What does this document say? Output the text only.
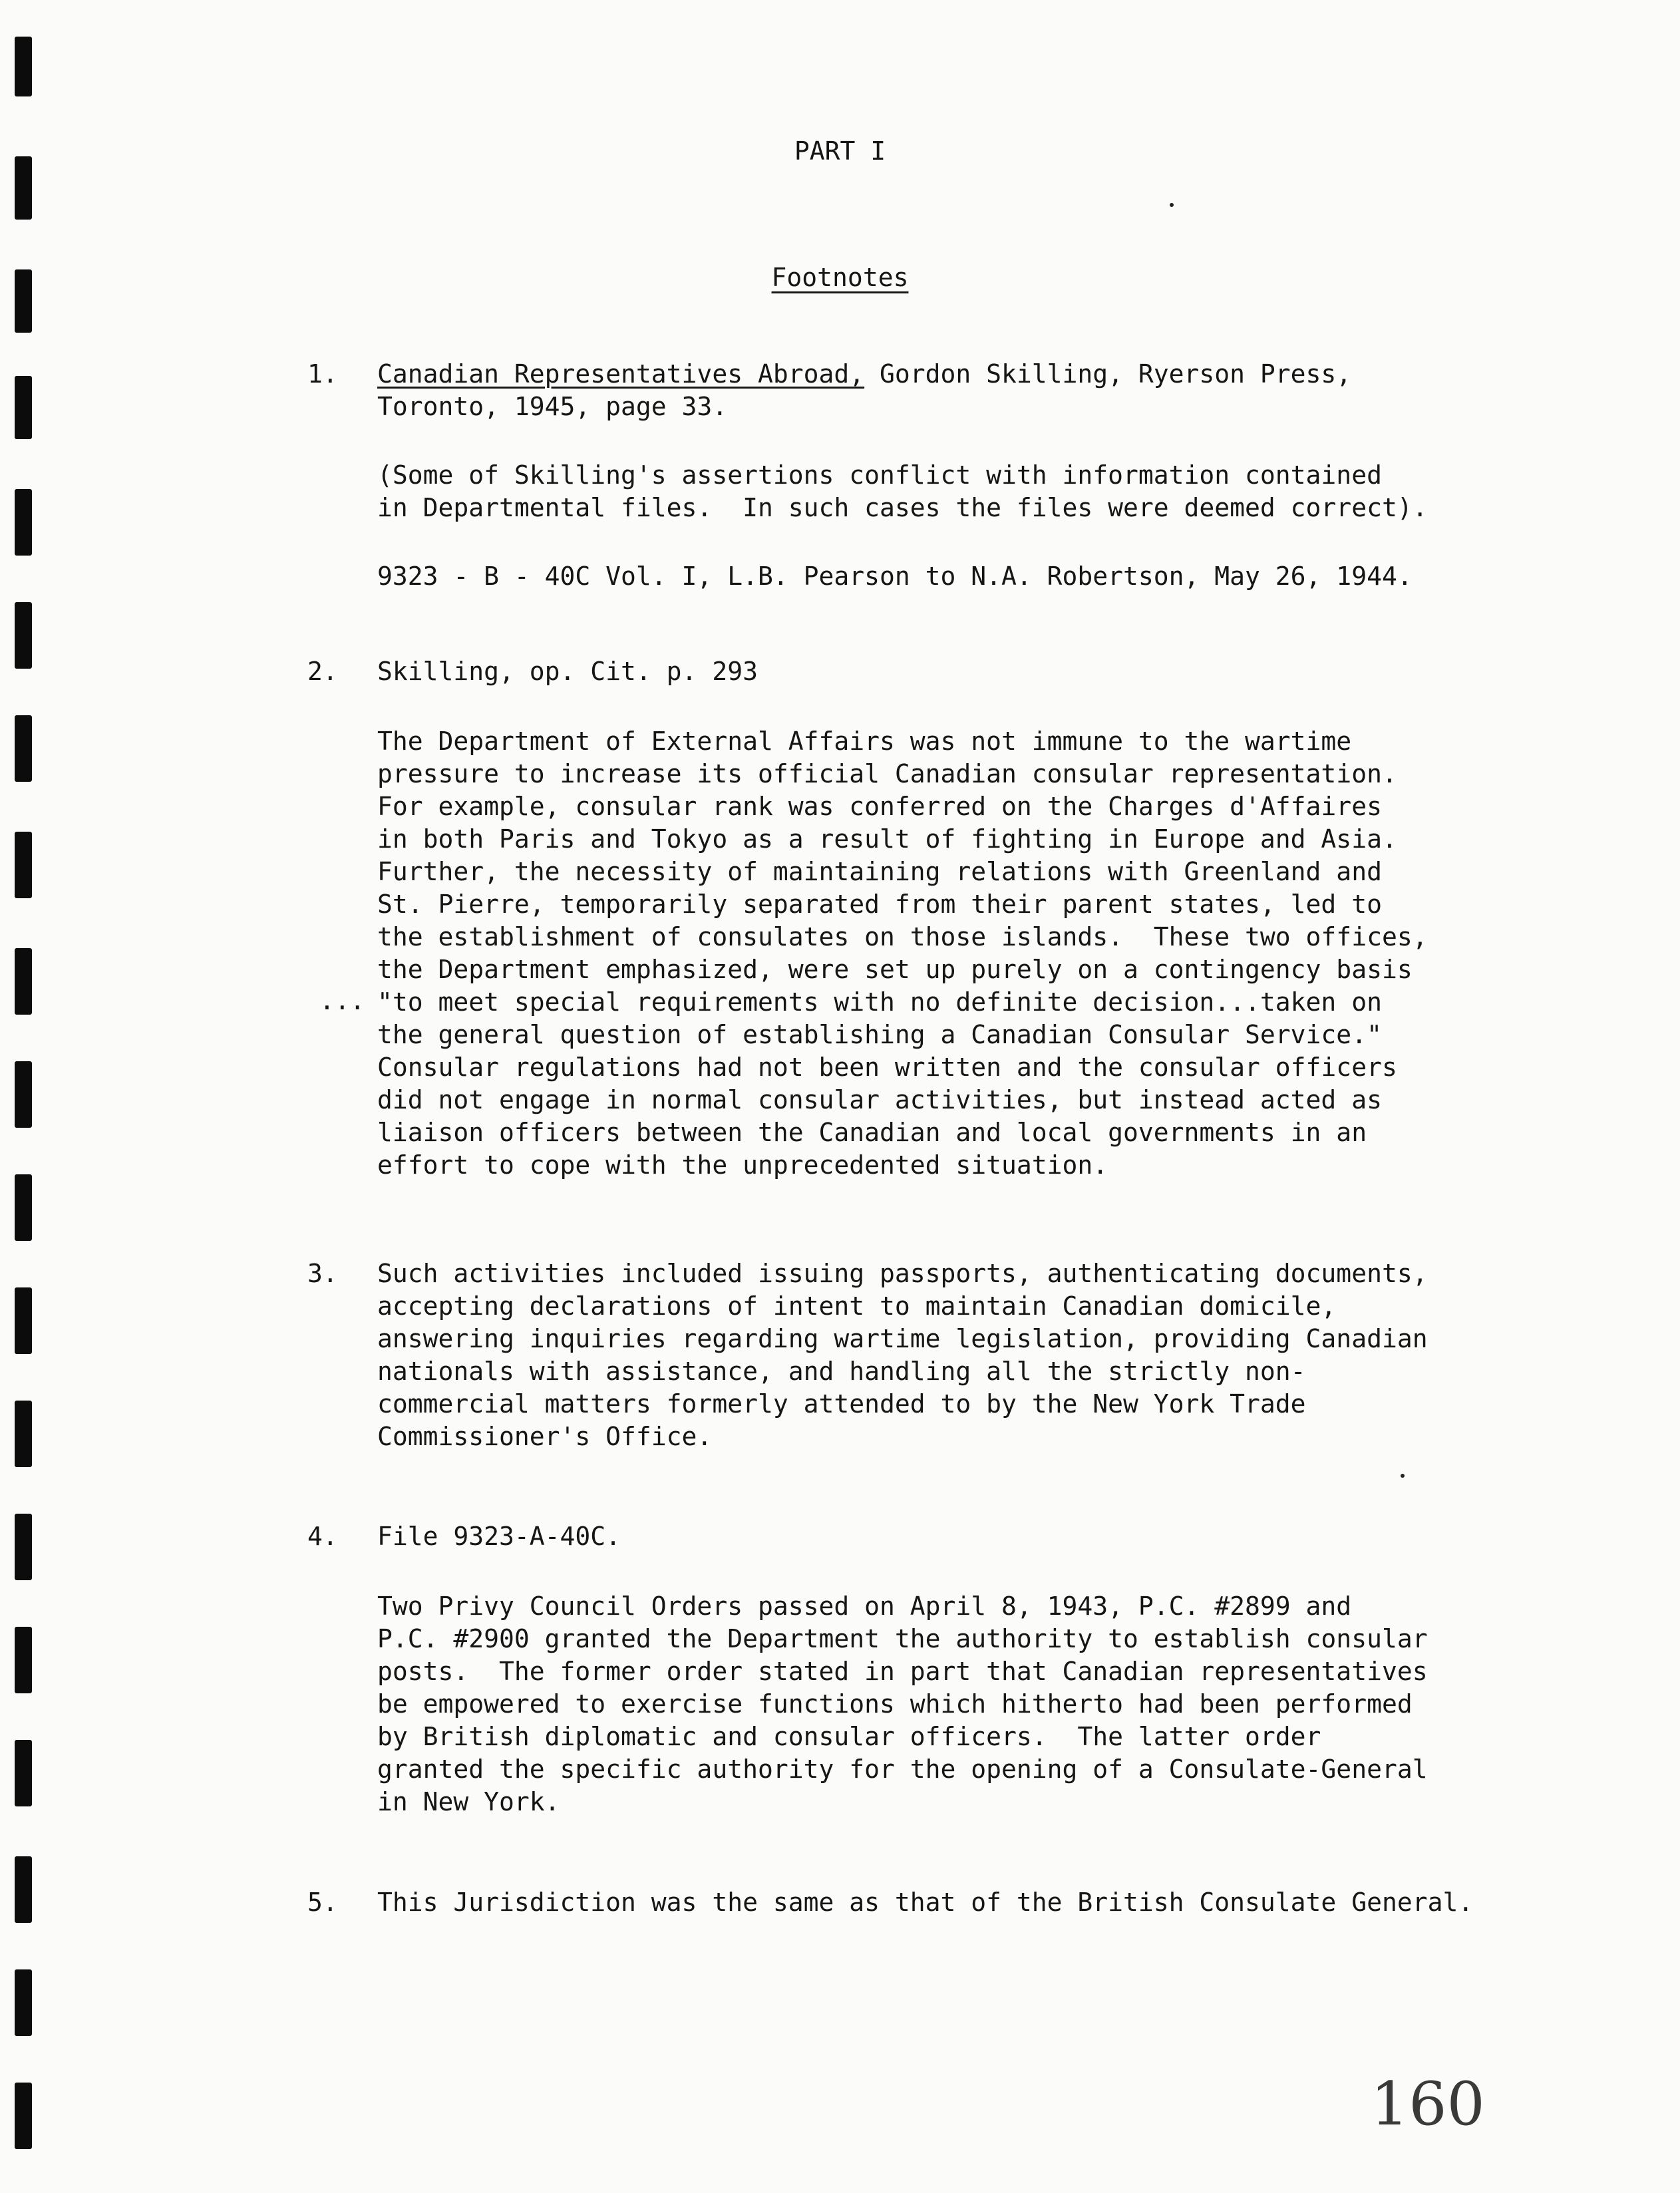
PART I
Footnotes
1. Canadian Representatives Abroad, Gordon Skilling, Ryerson Press,

Toronto, 1945, page 33.

(Some of Skilling's assertions conflict with information contained

in Departmental files.  In such cases the files were deemed correct).

9323 - B - 40C Vol. I, L.B. Pearson to N.A. Robertson, May 26, 1944.

2. Skilling, op. Cit. p. 293

The Department of External Affairs was not immune to the wartime

pressure to increase its official Canadian consular representation.

For example, consular rank was conferred on the Charges d'Affaires

in both Paris and Tokyo as a result of fighting in Europe and Asia.

Further, the necessity of maintaining relations with Greenland and

St. Pierre, temporarily separated from their parent states, led to

the establishment of consulates on those islands.  These two offices,

the Department emphasized, were set up purely on a contingency basis

"to meet special requirements with no definite decision...taken on

the general question of establishing a Canadian Consular Service."

Consular regulations had not been written and the consular officers

did not engage in normal consular activities, but instead acted as

liaison officers between the Canadian and local governments in an

effort to cope with the unprecedented situation.

...
3. Such activities included issuing passports, authenticating documents,

accepting declarations of intent to maintain Canadian domicile,

answering inquiries regarding wartime legislation, providing Canadian

nationals with assistance, and handling all the strictly non-

commercial matters formerly attended to by the New York Trade

Commissioner's Office.

4. File 9323-A-40C.

Two Privy Council Orders passed on April 8, 1943, P.C. #2899 and

P.C. #2900 granted the Department the authority to establish consular

posts.  The former order stated in part that Canadian representatives

be empowered to exercise functions which hitherto had been performed

by British diplomatic and consular officers.  The latter order

granted the specific authority for the opening of a Consulate-General

in New York.

5. This Jurisdiction was the same as that of the British Consulate General.

160
